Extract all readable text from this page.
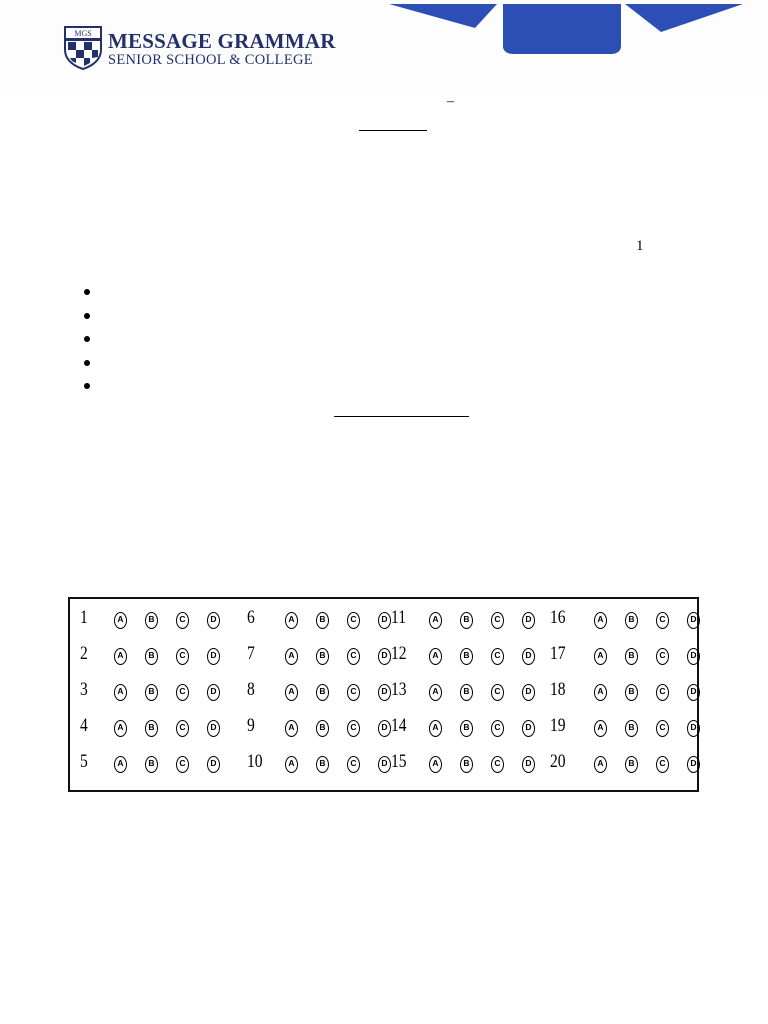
MGS MESSAGE GRAMMAR
SENIOR SCHOOL & COLLEGE
–
1
1	A	B	C	D
2	A	B	C	D
3	A	B	C	D
4	A	B	C	D
5	A	B	C	D
6	A	B	C	D
7	A	B	C	D
8	A	B	C	D
9	A	B	C	D
10	A	B	C	D
11	A	B	C	D
12	A	B	C	D
13	A	B	C	D
14	A	B	C	D
15	A	B	C	D
16	A	B	C	D
17	A	B	C	D
18	A	B	C	D
19	A	B	C	D
20	A	B	C	D
